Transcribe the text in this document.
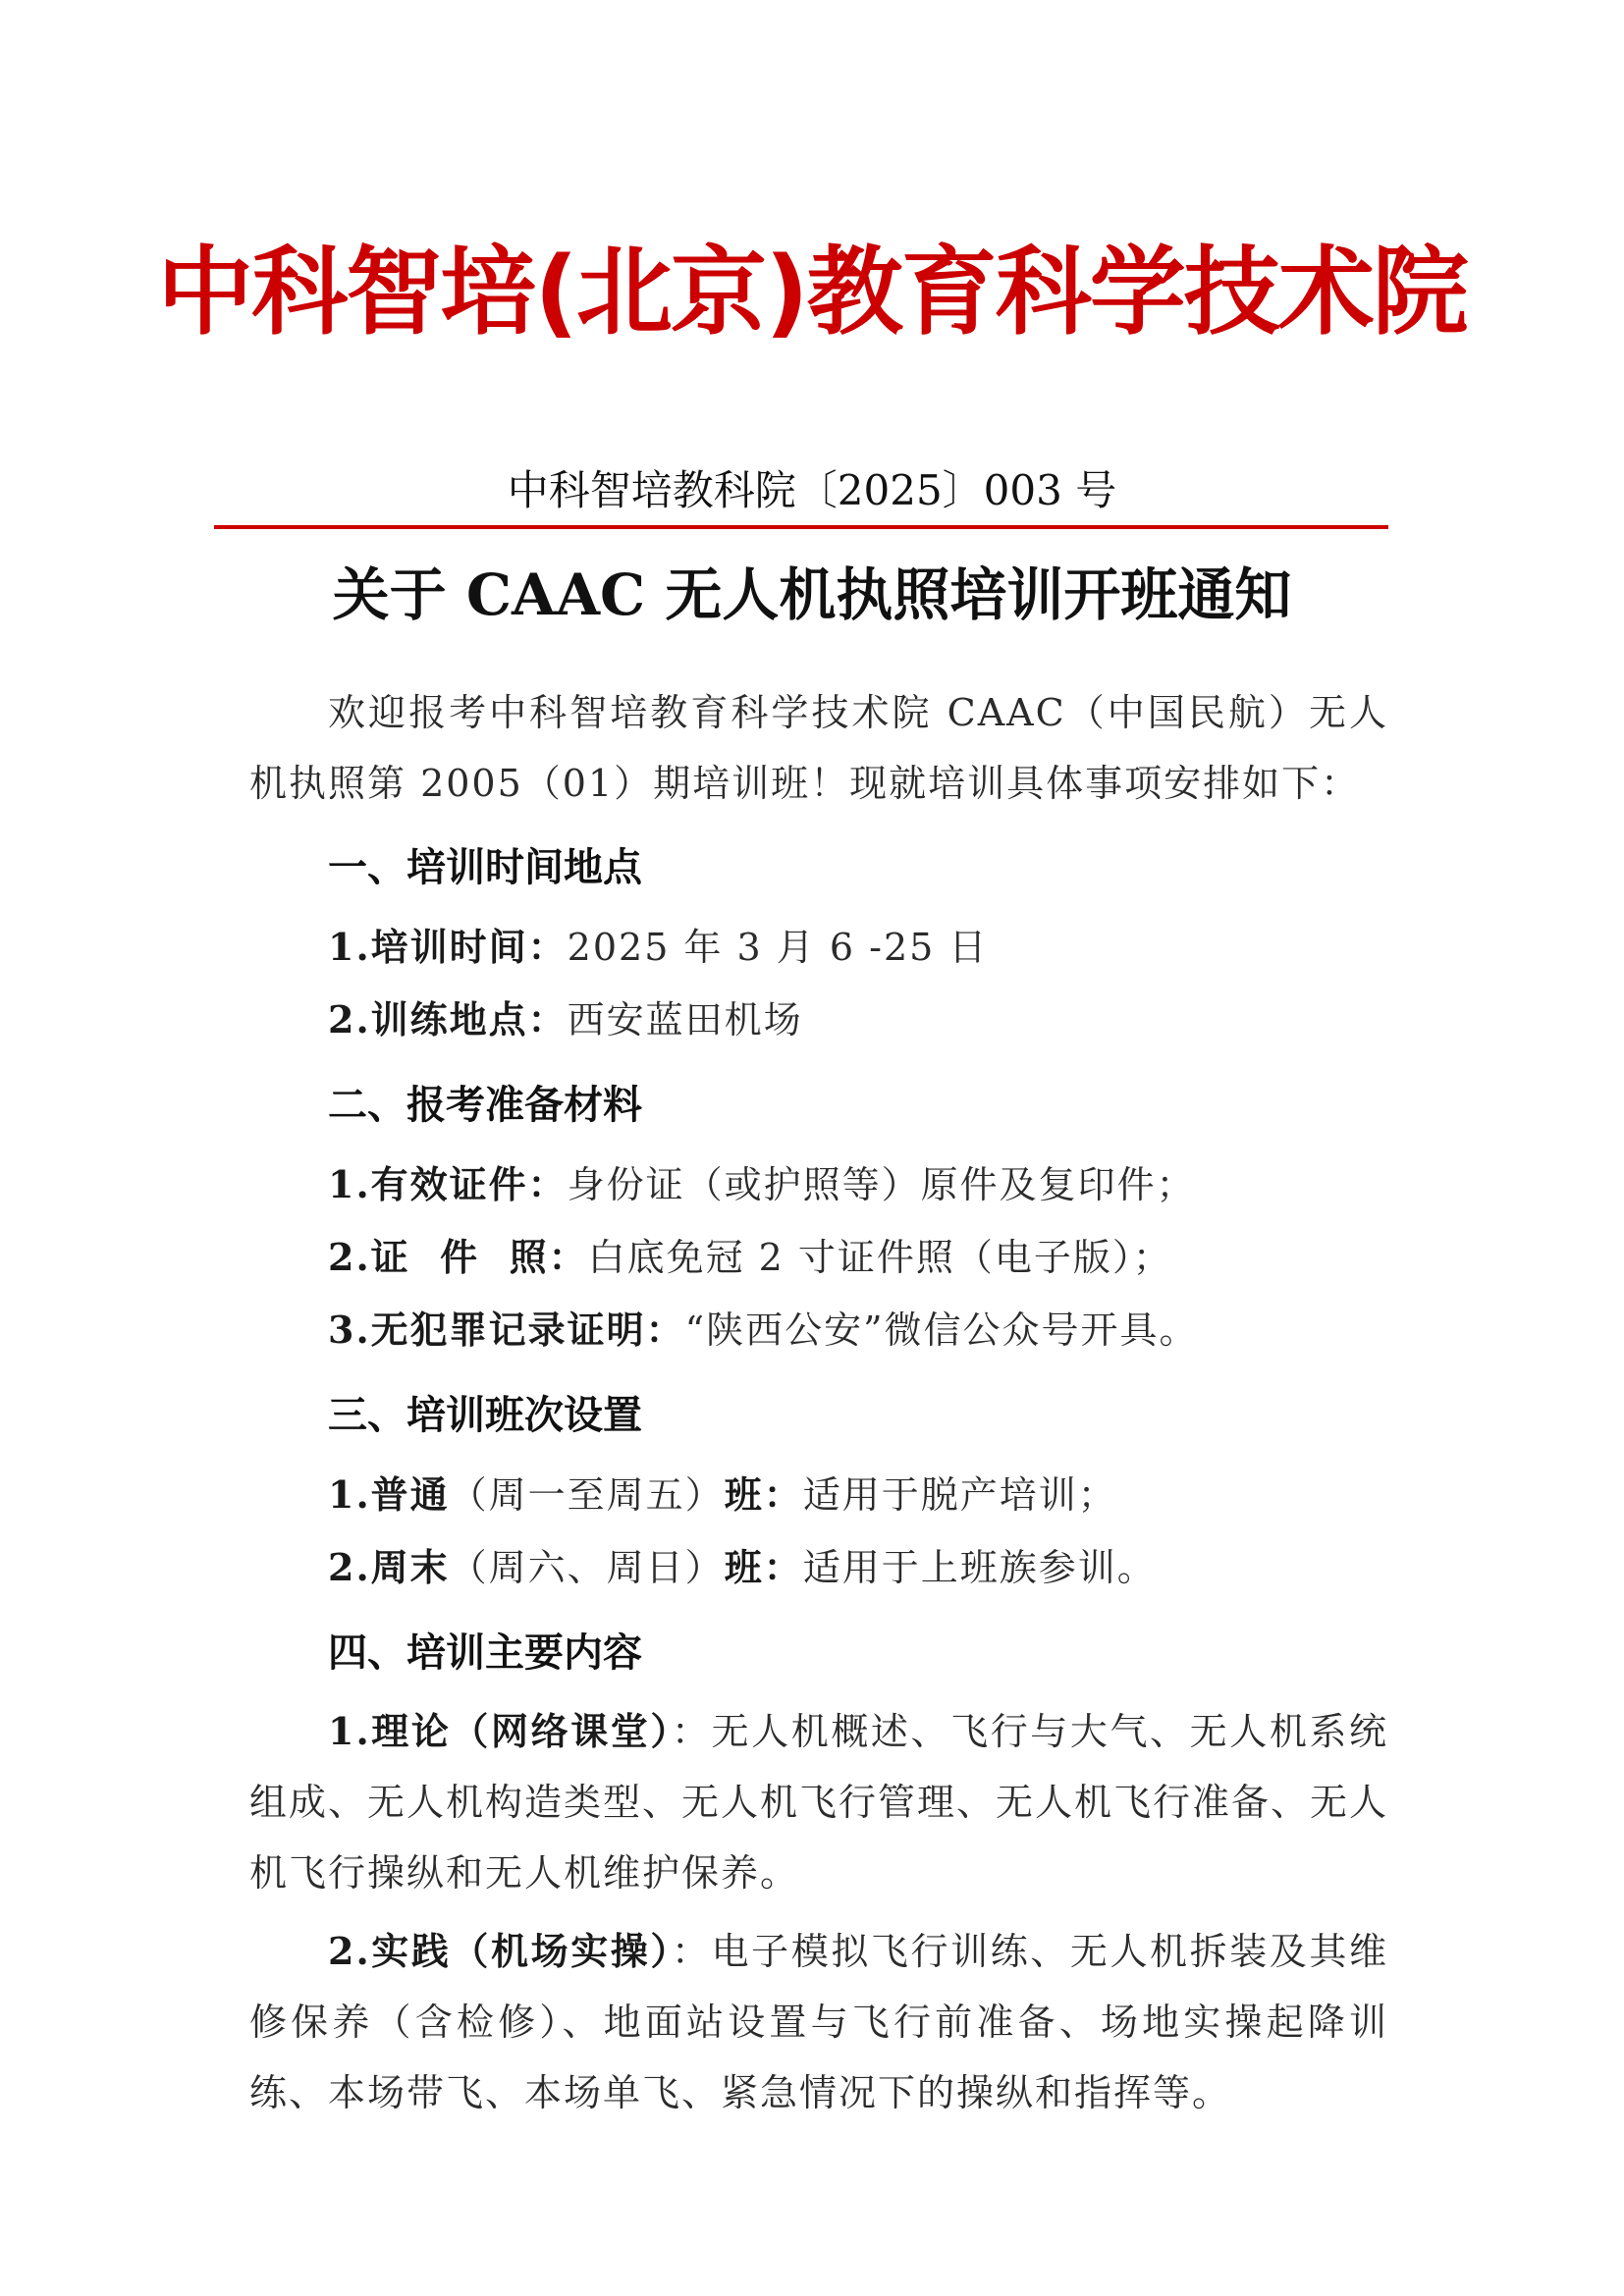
中科智培(北京)教育科学技术院
中科智培教科院〔2025〕003 号
关于 CAAC 无人机执照培训开班通知

欢迎报考中科智培教育科学技术院 CAAC（中国民航）无人机执照第 2005（01）期培训班！现就培训具体事项安排如下：

一、培训时间地点

1.培训时间：2025 年 3 月 6 -25 日

2.训练地点：西安蓝田机场

二、报考准备材料

1.有效证件：身份证（或护照等）原件及复印件；

2.证  件  照：白底免冠 2 寸证件照（电子版）；

3.无犯罪记录证明：“陕西公安”微信公众号开具。

三、培训班次设置

1.普通（周一至周五）班：适用于脱产培训；

2.周末（周六、周日）班：适用于上班族参训。

四、培训主要内容

1.理论（网络课堂）：无人机概述、飞行与大气、无人机系统组成、无人机构造类型、无人机飞行管理、无人机飞行准备、无人机飞行操纵和无人机维护保养。

2.实践（机场实操）：电子模拟飞行训练、无人机拆装及其维修保养（含检修）、地面站设置与飞行前准备、场地实操起降训练、本场带飞、本场单飞、紧急情况下的操纵和指挥等。
